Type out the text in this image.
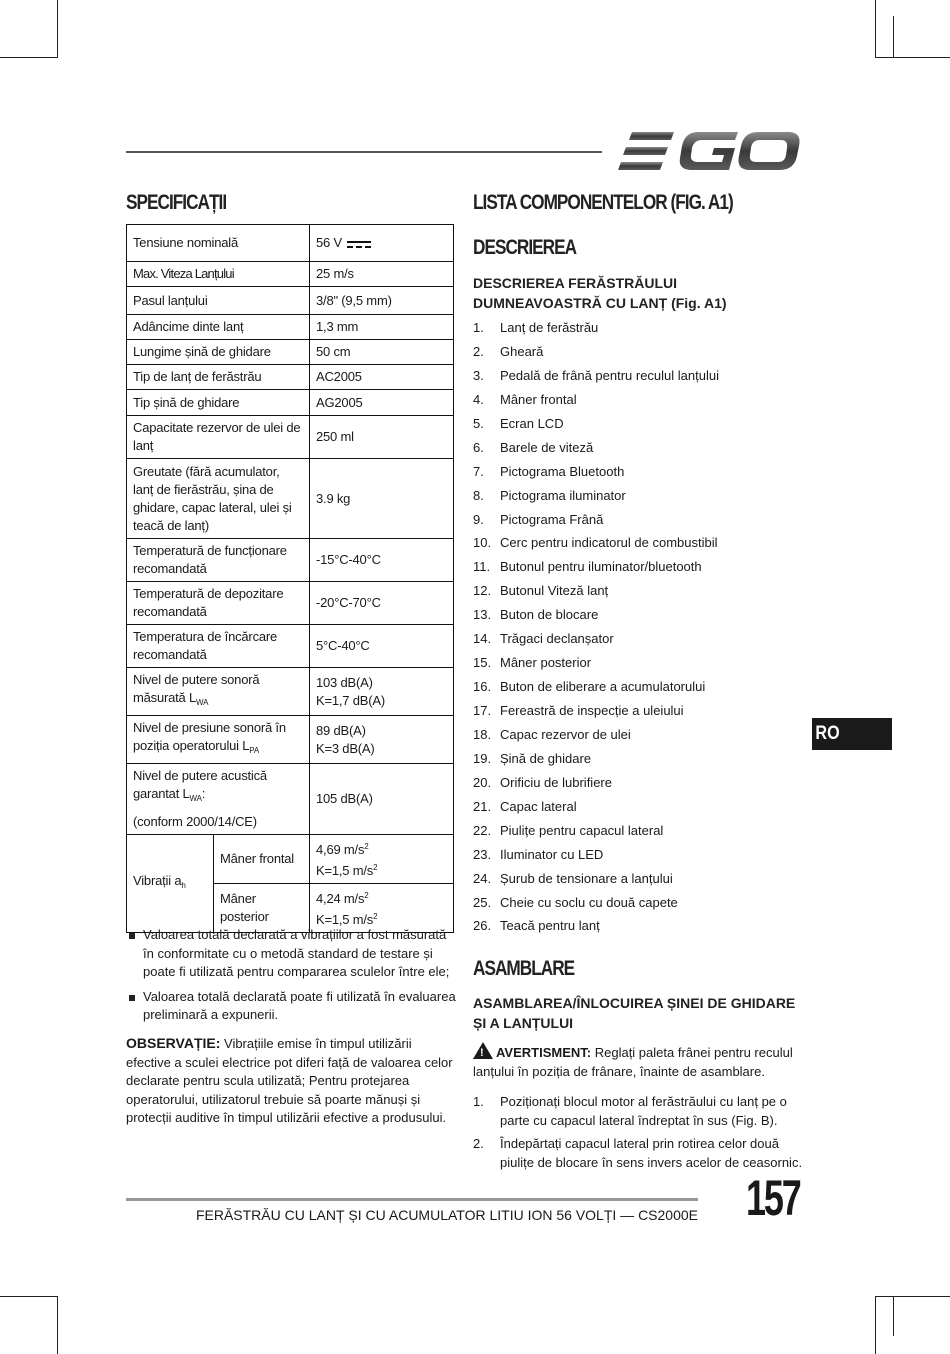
SPECIFICAȚII
Tensiune nominală		56 V
Max. Viteza Lanțului		25 m/s
Pasul lanțului		3/8" (9,5 mm)
Adâncime dinte lanț		1,3 mm
Lungime șină de ghidare		50 cm
Tip de lanț de ferăstrău		AC2005
Tip șină de ghidare		AG2005
Capacitate rezervor de ulei de lanț		250 ml
Greutate (fără acumulator, lanț de fierăstrău, șina de ghidare, capac lateral, ulei și teacă de lanț)		3.9 kg
Temperatură de funcționare recomandată		-15°C-40°C
Temperatură de depozitare recomandată		-20°C-70°C
Temperatura de încărcare recomandată		5°C-40°C
Nivel de putere sonoră măsurată $L_{WA}$		103 dB(A)
K=1,7 dB(A)
Nivel de presiune sonoră în poziția operatorului $L_{PA}$		89 dB(A)
K=3 dB(A)
Nivel de putere acustică garantat $L_{WA}$:
(conform 2000/14/CE)		105 dB(A)
Vibrații $a_h$	Mâner frontal	4,69 $m/s^2$
K=1,5 $m/s^2$
	Mâner posterior	4,24 $m/s^2$
K=1,5 $m/s^2$
Valoarea totală declarată a vibrațiilor a fost măsurată în conformitate cu o metodă standard de testare și poate fi utilizată pentru compararea sculelor între ele;
Valoarea totală declarată poate fi utilizată în evaluarea preliminară a expunerii.
OBSERVAȚIE: Vibrațiile emise în timpul utilizării efective a sculei electrice pot diferi față de valoarea celor declarate pentru scula utilizată; Pentru protejarea operatorului, utilizatorul trebuie să poarte mănuși și protecții auditive în timpul utilizării efective a produsului.
LISTA COMPONENTELOR (FIG. A1)
DESCRIEREA
DESCRIEREA FERĂSTRĂULUI DUMNEAVOASTRĂ CU LANȚ (Fig. A1)
1.	Lanț de ferăstrău
2.	Gheară
3.	Pedală de frână pentru reculul lanțului
4.	Mâner frontal
5.	Ecran LCD
6.	Barele de viteză
7.	Pictograma Bluetooth
8.	Pictograma iluminator
9.	Pictograma Frână
10. Cerc pentru indicatorul de combustibil
11. Butonul pentru iluminator/bluetooth
12. Butonul Viteză lanț
13. Buton de blocare
14. Trăgaci declanșator
15. Mâner posterior
16. Buton de eliberare a acumulatorului
17. Fereastră de inspecție a uleiului
18. Capac rezervor de ulei
19. Șină de ghidare
20. Orificiu de lubrifiere
21. Capac lateral
22. Piulițe pentru capacul lateral
23. Iluminator cu LED
24. Șurub de tensionare a lanțului
25. Cheie cu soclu cu două capete
26. Teacă pentru lanț
ASAMBLARE
ASAMBLAREA/ÎNLOCUIREA ȘINEI DE GHIDARE ȘI A LANȚULUI
!AVERTISMENT: Reglați paleta frânei pentru reculul lanțului în poziția de frânare, înainte de asamblare.
1.	Poziționați blocul motor al ferăstrăului cu lanț pe o parte cu capacul lateral îndreptat în sus (Fig. B).
2.	Îndepărtați capacul lateral prin rotirea celor două piulițe de blocare în sens invers acelor de ceasornic.
RO
FERĂSTRĂU CU LANȚ ȘI CU ACUMULATOR LITIU ION 56 VOLȚI — CS2000E 157
